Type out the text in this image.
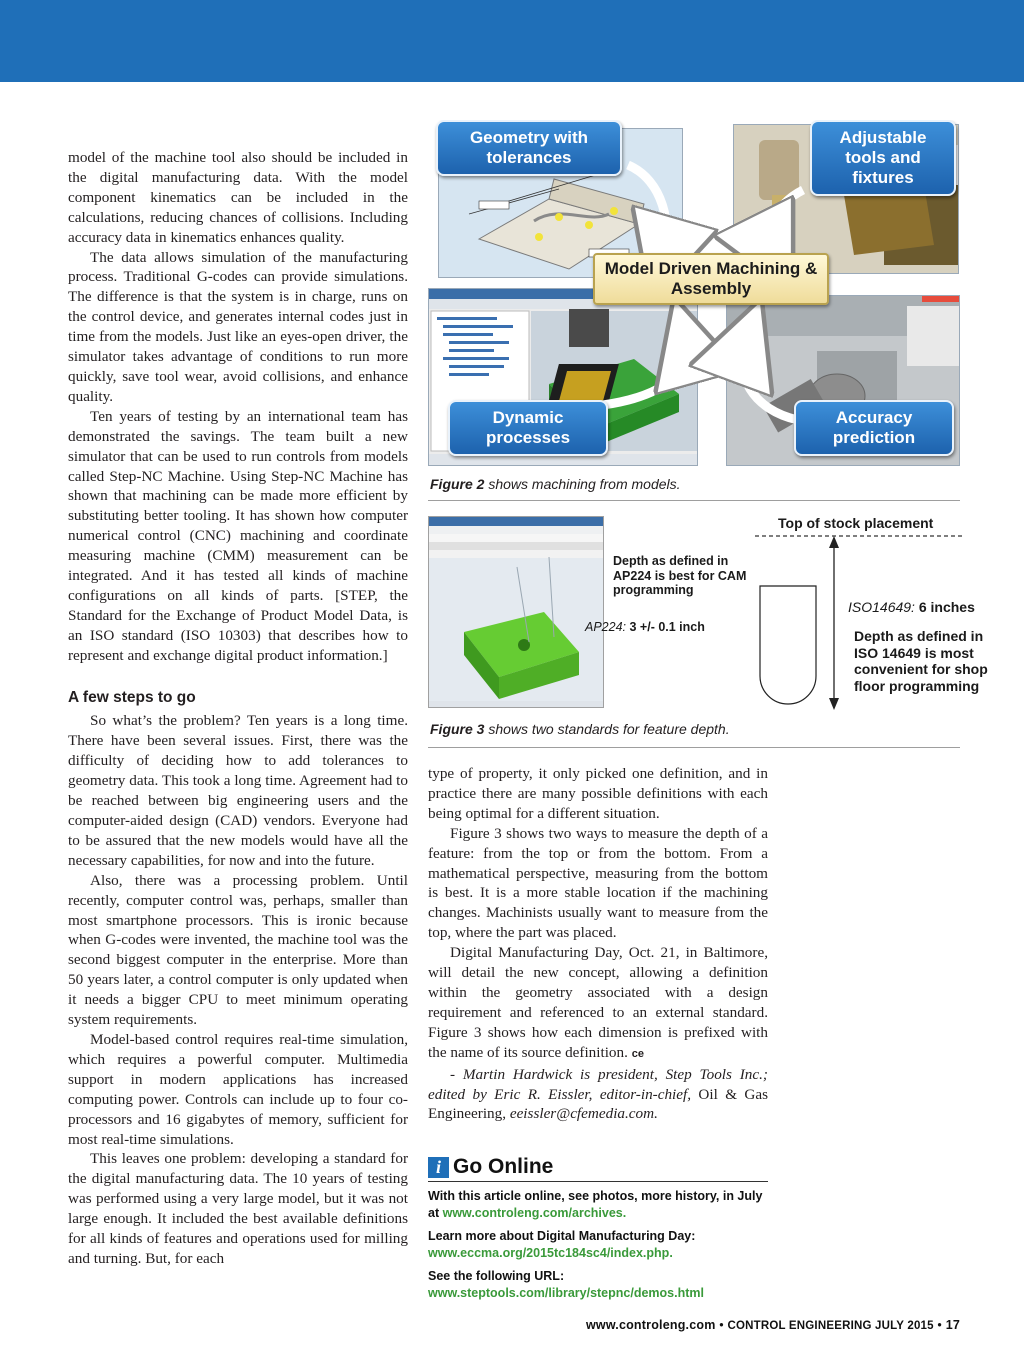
model of the machine tool also should be included in the digital manufacturing data. With the model component kinematics can be included in the calculations, reducing chances of collisions. Including accuracy data in kinematics enhances quality.

The data allows simulation of the manufacturing process. Traditional G-codes can provide simulations. The difference is that the system is in charge, runs on the control device, and generates internal codes just in time from the models. Just like an eyes-open driver, the simulator takes advantage of conditions to run more quickly, save tool wear, avoid collisions, and enhance quality.

Ten years of testing by an international team has demonstrated the savings. The team built a new simulator that can be used to run controls from models called Step-NC Machine. Using Step-NC Machine has shown that machining can be made more efficient by substituting better tooling. It has shown how computer numerical control (CNC) machining and coordinate measuring machine (CMM) measurement can be integrated. And it has tested all kinds of machine configurations on all kinds of parts. [STEP, the Standard for the Exchange of Product Model Data, is an ISO standard (ISO 10303) that describes how to represent and exchange digital product information.]

A few steps to go

So what’s the problem? Ten years is a long time. There have been several issues. First, there was the difficulty of deciding how to add tolerances to geometry data. This took a long time. Agreement had to be reached between big engineering users and the computer-aided design (CAD) vendors. Everyone had to be assured that the new models would have all the necessary capabilities, for now and into the future.

Also, there was a processing problem. Until recently, computer control was, perhaps, smaller than most smartphone processors. This is ironic because when G-codes were invented, the machine tool was the second biggest computer in the enterprise. More than 50 years later, a control computer is only updated when it needs a bigger CPU to meet minimum operating system requirements.

Model-based control requires real-time simulation, which requires a powerful computer. Multimedia support in modern applications has increased computing power. Controls can include up to four co-processors and 16 gigabytes of memory, sufficient for most real-time simulations.

This leaves one problem: developing a standard for the digital manufacturing data. The 10 years of testing was performed using a very large model, but it was not large enough. It included the best available definitions for all kinds of features and operations used for milling and turning. But, for each

Geometry with tolerances
Adjustable tools and fixtures
Model Driven Machining & Assembly
Dynamic processes
Accuracy prediction
Figure 2 shows machining from models.
Depth as defined in AP224 is best for CAM programming
AP224: 3 +/- 0.1 inch
Top of stock placement
ISO14649: 6 inches
Depth as defined in ISO 14649 is most convenient for shop floor programming
Figure 3 shows two standards for feature depth.

type of property, it only picked one definition, and in practice there are many possible definitions with each being optimal for a different situation.

Figure 3 shows two ways to measure the depth of a feature: from the top or from the bottom. From a mathematical perspective, measuring from the bottom is best. It is a more stable location if the machining changes. Machinists usually want to measure from the top, where the part was placed.

Digital Manufacturing Day, Oct. 21, in Baltimore, will detail the new concept, allowing a definition within the geometry associated with a design requirement and referenced to an external standard. Figure 3 shows how each dimension is prefixed with the name of its source definition. ce

- Martin Hardwick is president, Step Tools Inc.; edited by Eric R. Eissler, editor-in-chief, Oil & Gas Engineering, eeissler@cfemedia.com.

i Go Online
With this article online, see photos, more history, in July at www.controleng.com/archives.
Learn more about Digital Manufacturing Day:
www.eccma.org/2015tc184sc4/index.php.
See the following URL:
www.steptools.com/library/stepnc/demos.html
www.controleng.com • CONTROL ENGINEERING JULY 2015 • 17
